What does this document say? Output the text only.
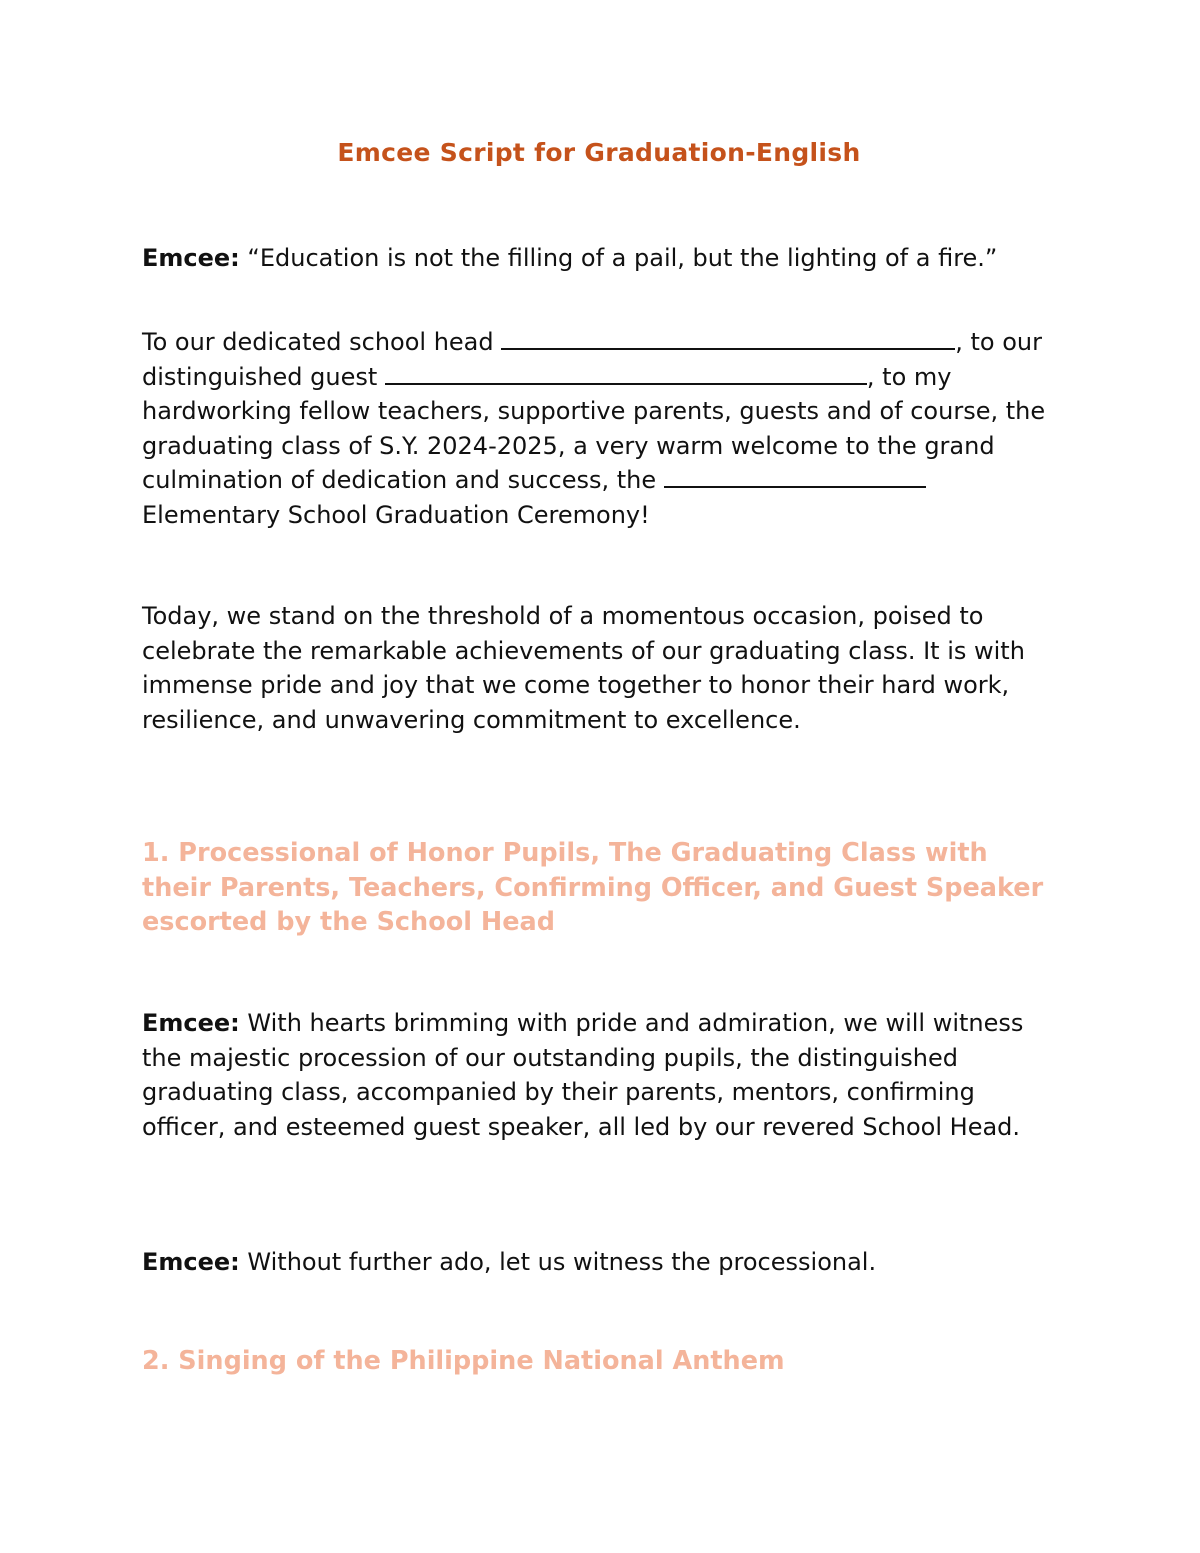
Emcee Script for Graduation-English

Emcee: “Education is not the filling of a pail, but the lighting of a fire.”

To our dedicated school head	, to our distinguished guest	, to my hardworking fellow teachers, supportive parents, guests and of course, the graduating class of S.Y. 2024-2025, a very warm welcome to the grand culmination of dedication and success, the  Elementary School Graduation Ceremony!

Today, we stand on the threshold of a momentous occasion, poised to celebrate the remarkable achievements of our graduating class. It is with immense pride and joy that we come together to honor their hard work, resilience, and unwavering commitment to excellence.

1. Processional of Honor Pupils, The Graduating Class with their Parents, Teachers, Confirming Officer, and Guest Speaker escorted by the School Head

Emcee: With hearts brimming with pride and admiration, we will witness the majestic procession of our outstanding pupils, the distinguished graduating class, accompanied by their parents, mentors, confirming officer, and esteemed guest speaker, all led by our revered School Head.

Emcee: Without further ado, let us witness the processional.

2. Singing of the Philippine National Anthem
